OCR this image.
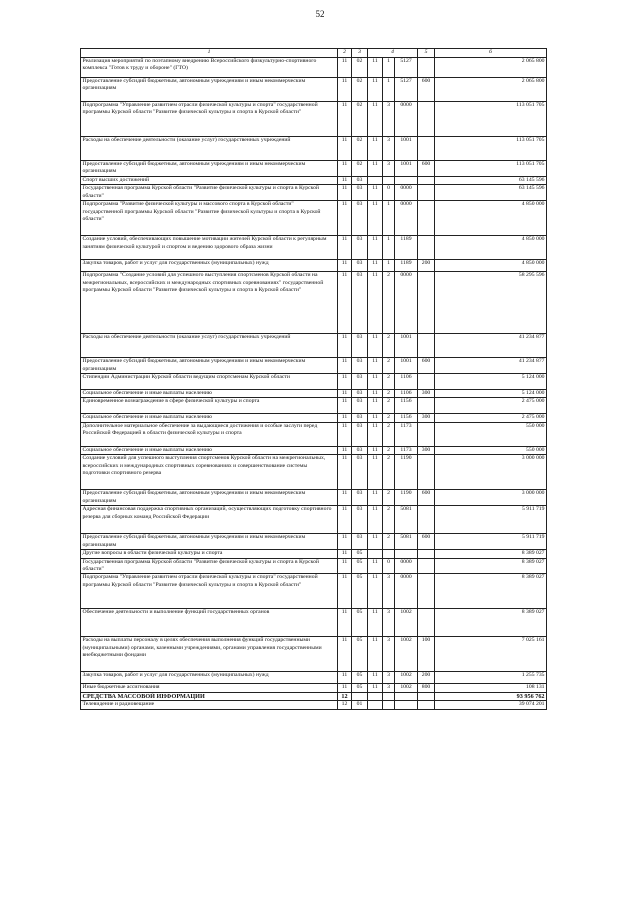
52
1	2	3	4			5	6
Реализация мероприятий по поэтапному внедрению Всероссийского физкультурно-спортивного комплекса "Готов к труду и обороне" (ГТО)	11	02	11	1	5127		2 065 800
Предоставление субсидий бюджетным, автономным учреждениям и иным некоммерческим организациям	11	02	11	1	5127	600	2 065 800
Подпрограмма "Управление развитием отрасли физической культуры и спорта" государственной программы Курской области "Развитие физической культуры и спорта в Курской области"	11	02	11	3	0000		113 051 705
Расходы на обеспечение деятельности (оказание услуг) государственных учреждений	11	02	11	3	1001		113 051 705
Предоставление субсидий бюджетным, автономным учреждениям и иным некоммерческим организациям	11	02	11	3	1001	600	113 051 705
Спорт высших достижений	11	03					63 145 596
Государственная программа Курской области "Развитие физической культуры и спорта в Курской области"	11	03	11	0	0000		63 145 596
Подпрограмма "Развитие физической культуры и массового спорта в Курской области" государственной программы Курской области "Развитие физической культуры и спорта в Курской области"	11	03	11	1	0000		4 850 000
Создание условий, обеспечивающих повышение мотивации жителей Курской области к регулярным занятиям физической культурой и спортом и ведению здорового образа жизни	11	03	11	1	1189		4 850 000
Закупка товаров, работ и услуг для государственных (муниципальных) нужд	11	03	11	1	1189	200	4 850 000
Подпрограмма "Создание условий для успешного выступления спортсменов Курской области на межрегиональных, всероссийских и международных спортивных соревнованиях" государственной программы Курской области "Развитие физической культуры и спорта в Курской области"	11	03	11	2	0000		58 295 596
Расходы на обеспечение деятельности (оказание услуг) государственных учреждений	11	03	11	2	1001		41 234 877
Предоставление субсидий бюджетным, автономным учреждениям и иным некоммерческим организациям	11	03	11	2	1001	600	41 234 877
Стипендии Администрации Курской области ведущим спортсменам Курской области	11	03	11	2	1106		5 124 000
Социальное обеспечение и иные выплаты населению	11	03	11	2	1106	300	5 124 000
Единовременное вознаграждение в сфере физической культуры и спорта	11	03	11	2	1156		2 475 000
Социальное обеспечение и иные выплаты населению	11	03	11	2	1156	300	2 475 000
Дополнительное материальное обеспечение за выдающиеся достижения и особые заслуги перед Российской Федерацией в области физической культуры и спорта	11	03	11	2	1173		550 000
Социальное обеспечение и иные выплаты населению	11	03	11	2	1173	300	550 000
Создание условий для успешного выступления спортсменов Курской области на межрегиональных, всероссийских и международных спортивных соревнованиях и совершенствование системы подготовки спортивного резерва	11	03	11	2	1190		3 000 000
Предоставление субсидий бюджетным, автономным учреждениям и иным некоммерческим организациям	11	03	11	2	1190	600	3 000 000
Адресная финансовая поддержка спортивных организаций, осуществляющих подготовку спортивного резерва для сборных команд Российской Федерации	11	03	11	2	5081		5 911 719
Предоставление субсидий бюджетным, автономным учреждениям и иным некоммерческим организациям	11	03	11	2	5081	600	5 911 719
Другие вопросы в области физической культуры и спорта	11	05					8 389 027
Государственная программа Курской области "Развитие физической культуры и спорта в Курской области"	11	05	11	0	0000		8 389 027
Подпрограмма "Управление развитием отрасли физической культуры и спорта" государственной программы Курской области "Развитие физической культуры и спорта в Курской области"	11	05	11	3	0000		8 389 027
Обеспечение деятельности и выполнение функций государственных органов	11	05	11	3	1002		8 389 027
Расходы на выплаты персоналу в целях обеспечения выполнения функций государственными (муниципальными) органами, казенными учреждениями, органами управления государственными внебюджетными фондами	11	05	11	3	1002	100	7 025 161
Закупка товаров, работ и услуг для государственных (муниципальных) нужд	11	05	11	3	1002	200	1 255 735
Иные бюджетные ассигнования	11	05	11	3	1002	800	108 131
СРЕДСТВА МАССОВОЙ ИНФОРМАЦИИ	12						93 956 762
Телевидение и радиовещание	12	01					39 074 201
